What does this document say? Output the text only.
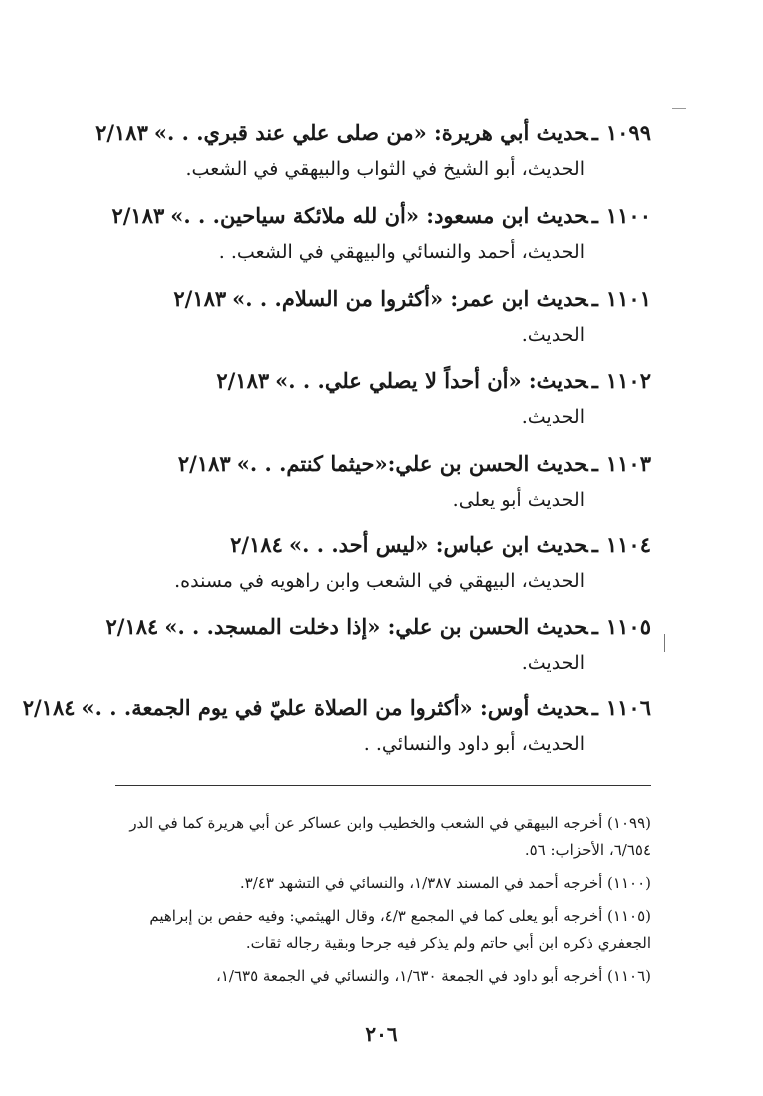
١٠٩٩ـحديث أبي هريرة: «من صلى علي عند قبري. . .»٢/١٨٣
الحديث، أبو الشيخ في الثواب والبيهقي في الشعب.
١١٠٠ـحديث ابن مسعود: «أن لله ملائكة سياحين. . .»٢/١٨٣
الحديث، أحمد والنسائي والبيهقي في الشعب. .
١١٠١ـحديث ابن عمر: «أكثروا من السلام. . .»٢/١٨٣
الحديث.
١١٠٢ـحديث: «أن أحداً لا يصلي علي. . .»٢/١٨٣
الحديث.
١١٠٣ـحديث الحسن بن علي:«حيثما كنتم. . .»٢/١٨٣
الحديث أبو يعلى.
١١٠٤ـحديث ابن عباس: «ليس أحد. . .»٢/١٨٤
الحديث، البيهقي في الشعب وابن راهويه في مسنده.
١١٠٥ـحديث الحسن بن علي: «إذا دخلت المسجد. . .»٢/١٨٤
الحديث.
١١٠٦ـحديث أوس: «أكثروا من الصلاة عليّ في يوم الجمعة. . .»٢/١٨٤
الحديث، أبو داود والنسائي. .
(١٠٩٩) أخرجه البيهقي في الشعب والخطيب وابن عساكر عن أبي هريرة كما في الدر ٦/٦٥٤، الأحزاب: ٥٦.
(١١٠٠) أخرجه أحمد في المسند ١/٣٨٧، والنسائي في التشهد ٣/٤٣.
(١١٠٥) أخرجه أبو يعلى كما في المجمع ٤/٣، وقال الهيثمي: وفيه حفص بن إبراهيم الجعفري ذكره ابن أبي حاتم ولم يذكر فيه جرحا وبقية رجاله ثقات.
(١١٠٦) أخرجه أبو داود في الجمعة ١/٦٣٠، والنسائي في الجمعة ١/٦٣٥،
٢٠٦
